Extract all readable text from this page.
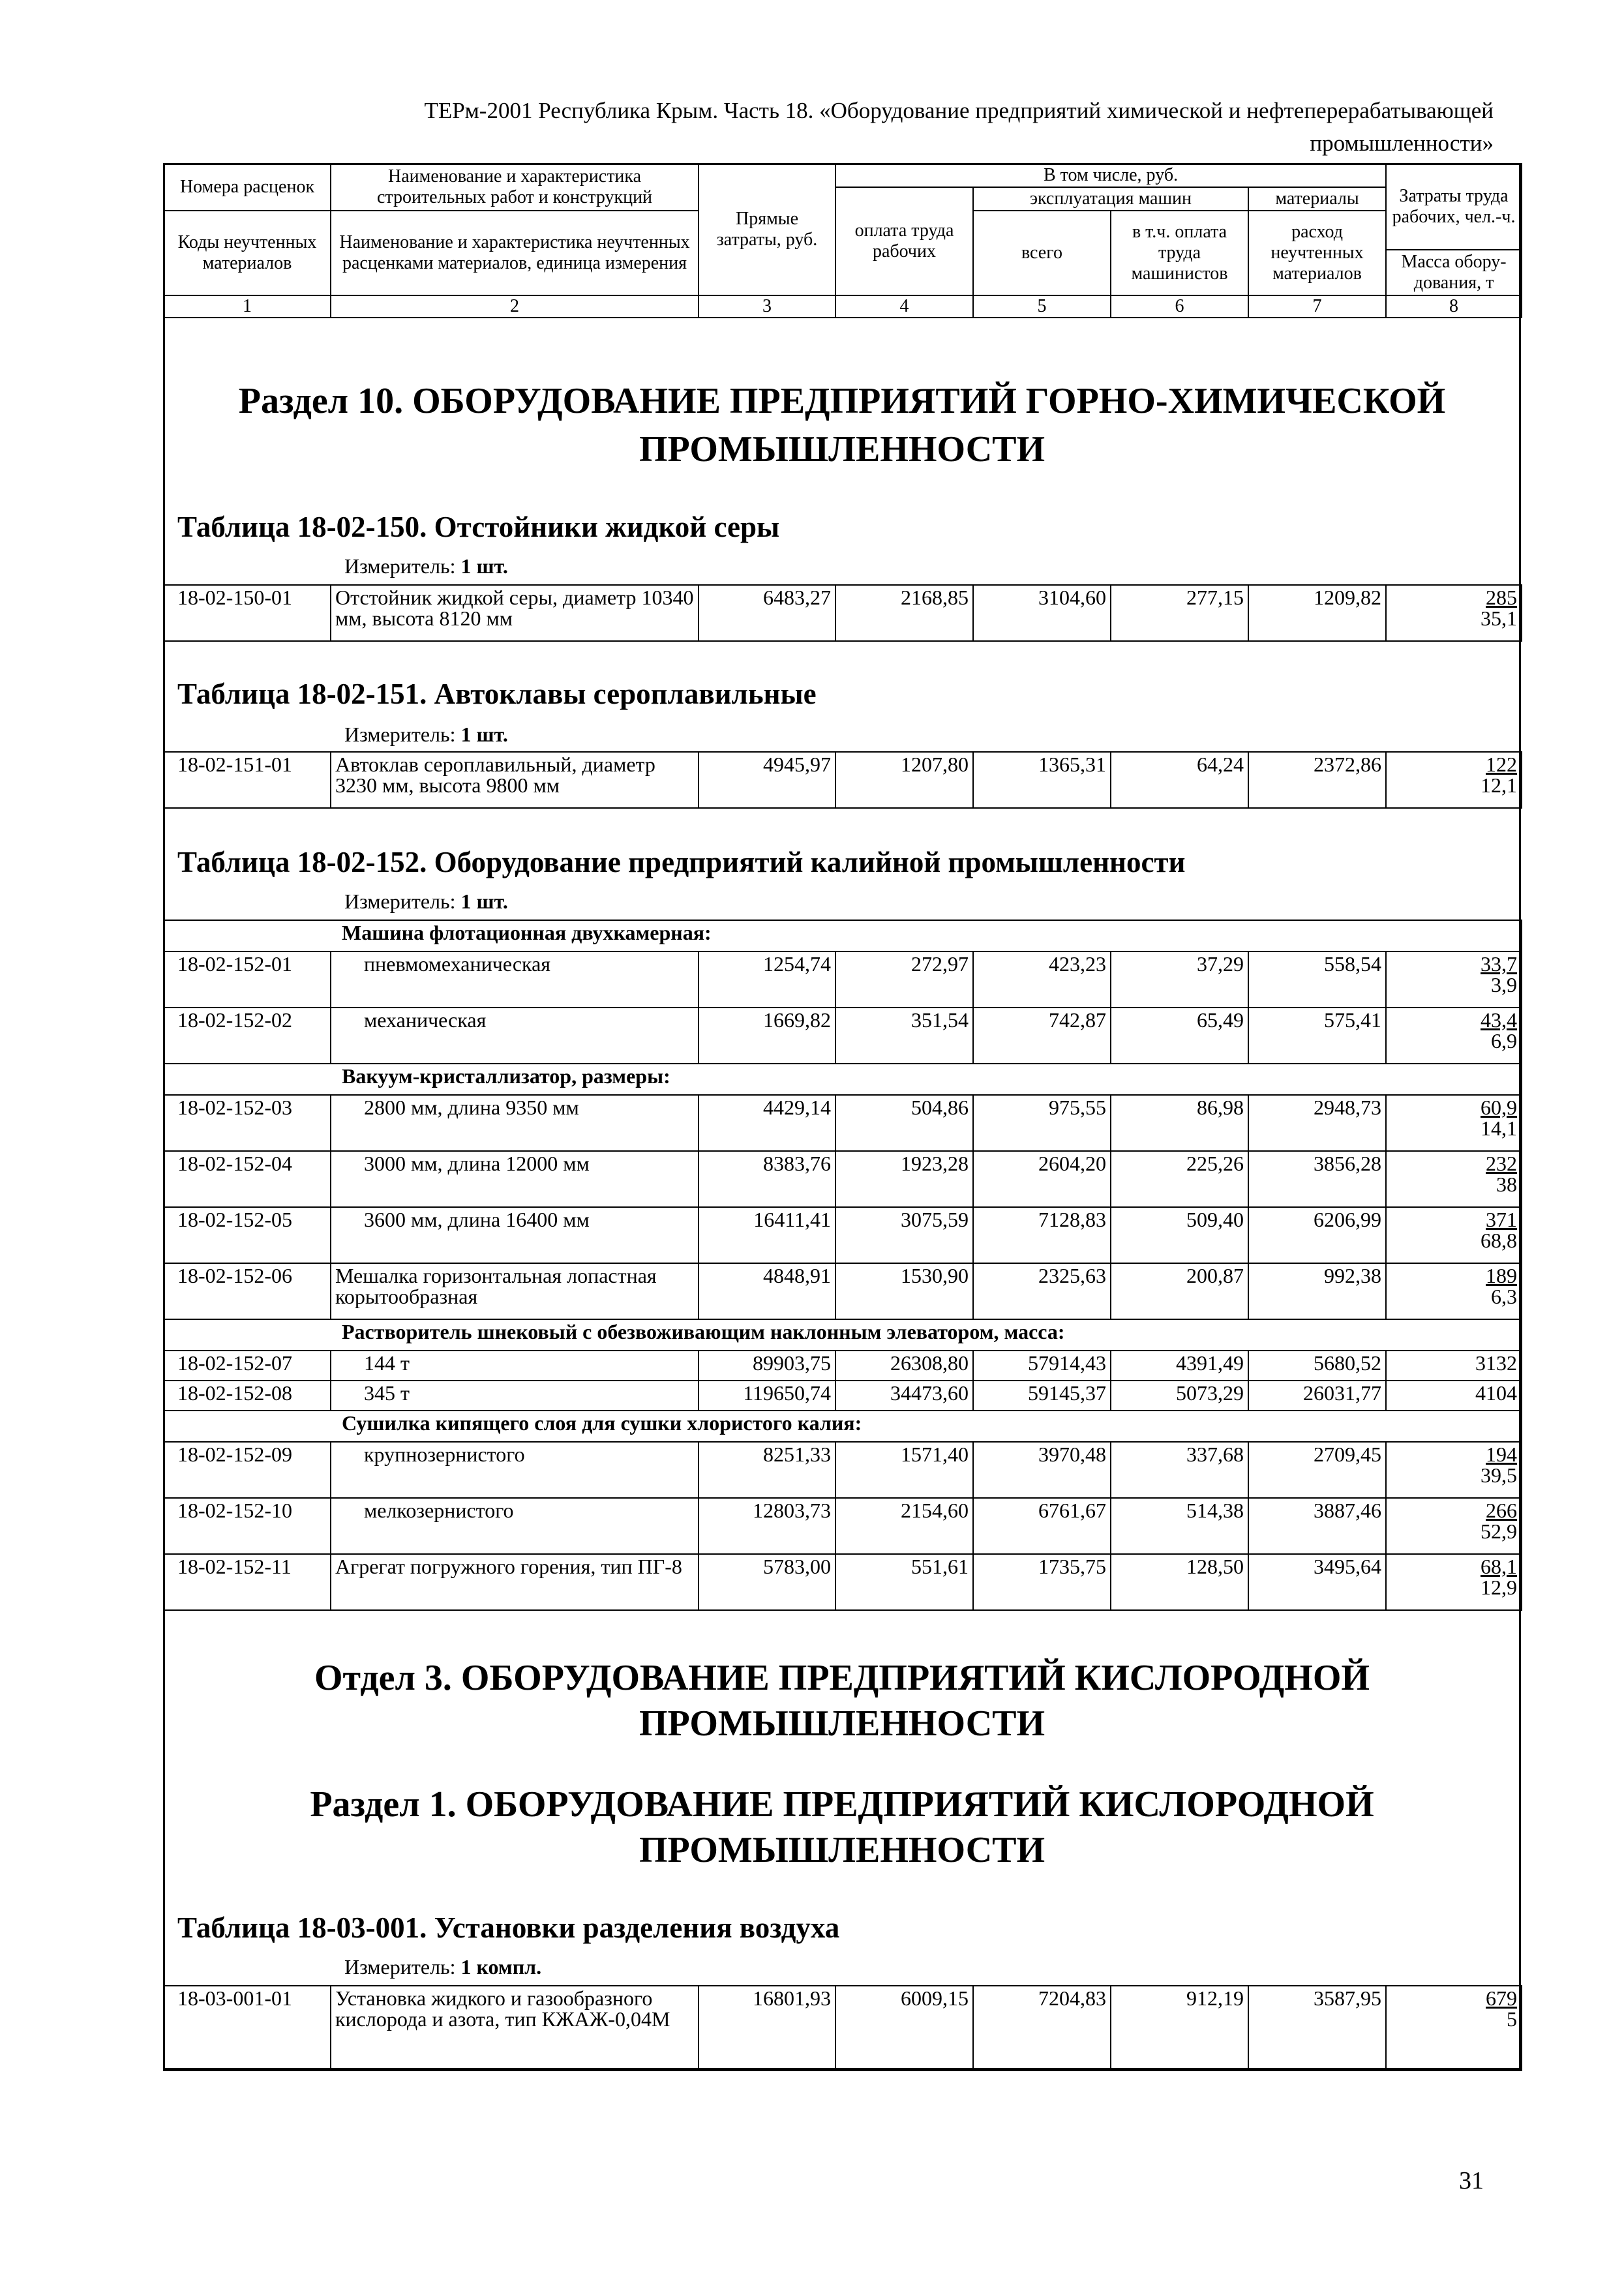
ТЕРм-2001 Республика Крым. Часть 18. «Оборудование предприятий химической и нефтеперерабатывающей
промышленности»
Номера расценок	Наименование и характеристика строительных работ и конструкций	Прямые затраты, руб.	В том числе, руб.				Затраты труда рабочих, чел.-ч.
			оплата труда рабочих	эксплуатация машин		материалы	
Коды неучтенных материалов	Наименование и характеристика неучтенных расценками материалов, единица измерения			всего	в т.ч. оплата труда машинистов	расход неучтенных материалов	
							Масса обору-дования, т
1	2	3	4	5	6	7	8
Раздел 10. ОБОРУДОВАНИЕ ПРЕДПРИЯТИЙ ГОРНО-ХИМИЧЕСКОЙ
ПРОМЫШЛЕННОСТИ
Таблица 18-02-150. Отстойники жидкой серы
Измеритель: 1 шт.
18-02-150-01	Отстойник жидкой серы, диаметр 10340 мм, высота 8120 мм	6483,27	2168,85	3104,60	277,15	1209,82	285
35,1
Таблица 18-02-151. Автоклавы сероплавильные
Измеритель: 1 шт.
18-02-151-01	Автоклав сероплавильный, диаметр 3230 мм, высота 9800 мм	4945,97	1207,80	1365,31	64,24	2372,86	122
12,1
Таблица 18-02-152. Оборудование предприятий калийной промышленности
Измеритель: 1 шт.
Машина флотационная двухкамерная:							
18-02-152-01	пневмомеханическая	1254,74	272,97	423,23	37,29	558,54	33,7
3,9

18-02-152-02	механическая	1669,82	351,54	742,87	65,49	575,41	43,4
6,9

Вакуум-кристаллизатор, размеры:							
18-02-152-03	2800 мм, длина 9350 мм	4429,14	504,86	975,55	86,98	2948,73	60,9
14,1

18-02-152-04	3000 мм, длина 12000 мм	8383,76	1923,28	2604,20	225,26	3856,28	232
38

18-02-152-05	3600 мм, длина 16400 мм	16411,41	3075,59	7128,83	509,40	6206,99	371
68,8

18-02-152-06	Мешалка горизонтальная лопастная корытообразная	4848,91	1530,90	2325,63	200,87	992,38	189
6,3

Растворитель шнековый с обезвоживающим наклонным элеватором, масса:							
18-02-152-07	144 т	89903,75	26308,80	57914,43	4391,49	5680,52	3132
18-02-152-08	345 т	119650,74	34473,60	59145,37	5073,29	26031,77	4104
Сушилка кипящего слоя для сушки хлористого калия:							
18-02-152-09	крупнозернистого	8251,33	1571,40	3970,48	337,68	2709,45	194
39,5

18-02-152-10	мелкозернистого	12803,73	2154,60	6761,67	514,38	3887,46	266
52,9

18-02-152-11	Агрегат погружного горения, тип ПГ-8	5783,00	551,61	1735,75	128,50	3495,64	68,1
12,9
Отдел 3. ОБОРУДОВАНИЕ ПРЕДПРИЯТИЙ КИСЛОРОДНОЙ
ПРОМЫШЛЕННОСТИ
Раздел 1. ОБОРУДОВАНИЕ ПРЕДПРИЯТИЙ КИСЛОРОДНОЙ
ПРОМЫШЛЕННОСТИ
Таблица 18-03-001. Установки разделения воздуха
Измеритель: 1 компл.
18-03-001-01	Установка жидкого и газообразного кислорода и азота, тип КЖАЖ-0,04М	16801,93	6009,15	7204,83	912,19	3587,95	679
5
31
